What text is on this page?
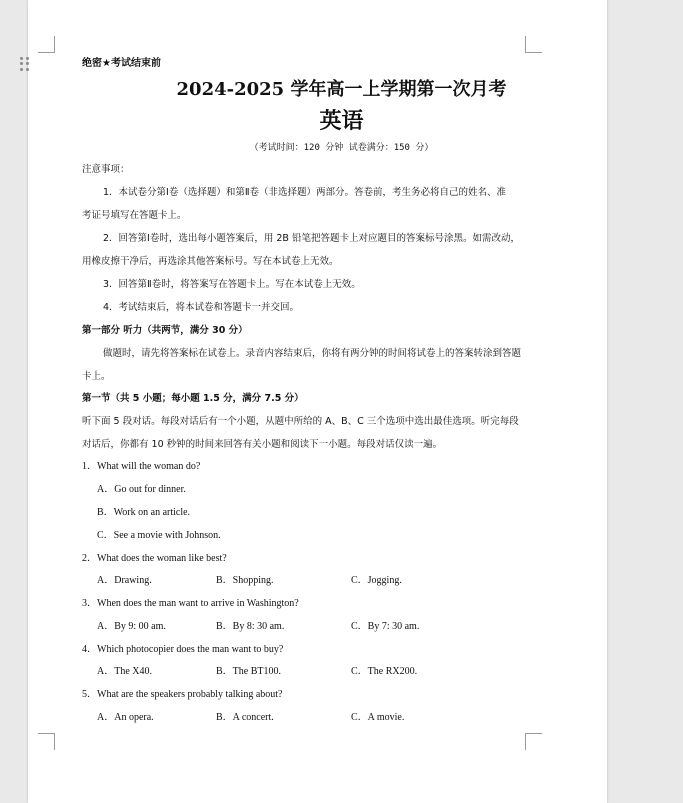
绝密★考试结束前
2024-2025 学年高一上学期第一次月考
英语
（考试时间：120 分钟 试卷满分：150 分）
注意事项：
1．本试卷分第Ⅰ卷（选择题）和第Ⅱ卷（非选择题）两部分。答卷前，考生务必将自己的姓名、准
考证号填写在答题卡上。
2．回答第Ⅰ卷时，选出每小题答案后，用 2B 铅笔把答题卡上对应题目的答案标号涂黑。如需改动，
用橡皮擦干净后，再选涂其他答案标号。写在本试卷上无效。
3．回答第Ⅱ卷时，将答案写在答题卡上。写在本试卷上无效。
4．考试结束后，将本试卷和答题卡一并交回。
第一部分 听力（共两节，满分 30 分）
做题时，请先将答案标在试卷上。录音内容结束后，你将有两分钟的时间将试卷上的答案转涂到答题
卡上。
第一节（共 5 小题；每小题 1.5 分，满分 7.5 分）
听下面 5 段对话。每段对话后有一个小题，从题中所给的 A、B、C 三个选项中选出最佳选项。听完每段
对话后，你都有 10 秒钟的时间来回答有关小题和阅读下一小题。每段对话仅读一遍。
1．What will the woman do?
A．Go out for dinner.
B．Work on an article.
C．See a movie with Johnson.
2．What does the woman like best?
A．Drawing.	B．Shopping.	C．Jogging.
3．When does the man want to arrive in Washington?
A．By 9: 00 am.	B．By 8: 30 am.	C．By 7: 30 am.
4．Which photocopier does the man want to buy?
A．The X40.	B．The BT100.	C．The RX200.
5．What are the speakers probably talking about?
A．An opera.	B．A concert.	C．A movie.
